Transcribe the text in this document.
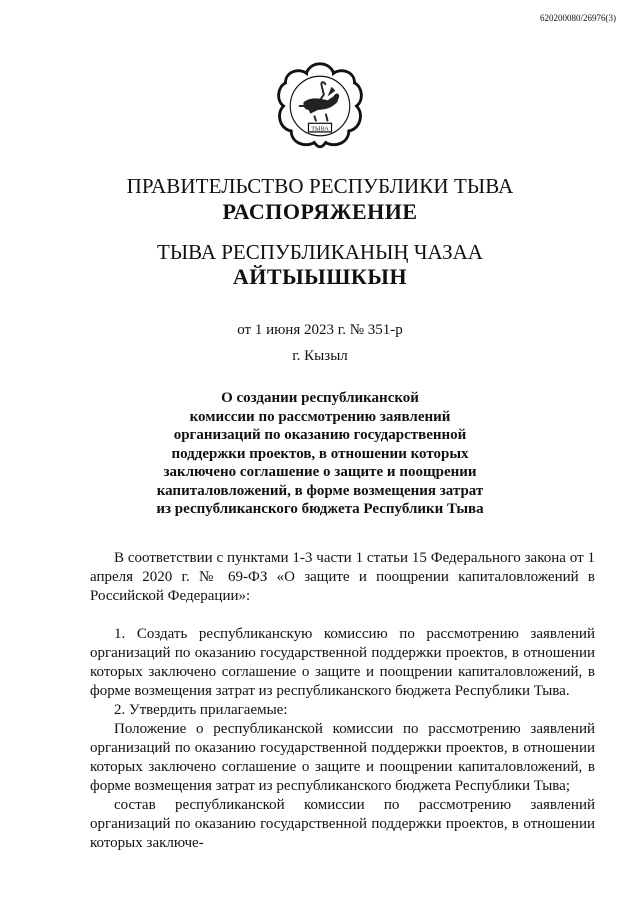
620200080/26976(3)
ТЫВА
ПРАВИТЕЛЬСТВО РЕСПУБЛИКИ ТЫВА
РАСПОРЯЖЕНИЕ
ТЫВА РЕСПУБЛИКАНЫҢ ЧАЗАА
АЙТЫЫШКЫН
от 1 июня 2023 г. № 351-р
г. Кызыл
О создании республиканской
комиссии по рассмотрению заявлений
организаций по оказанию государственной
поддержки проектов, в отношении которых
заключено соглашение о защите и поощрении
капиталовложений, в форме возмещения затрат
из республиканского бюджета Республики Тыва

В соответствии с пунктами 1-3 части 1 статьи 15 Федерального закона от 1 апреля 2020 г. № 69-ФЗ «О защите и поощрении капиталовложений в Российской Федерации»:

1. Создать республиканскую комиссию по рассмотрению заявлений организаций по оказанию государственной поддержки проектов, в отношении которых заключено соглашение о защите и поощрении капиталовложений, в форме возмещения затрат из республиканского бюджета Республики Тыва.

2. Утвердить прилагаемые:

Положение о республиканской комиссии по рассмотрению заявлений организаций по оказанию государственной поддержки проектов, в отношении которых заключено соглашение о защите и поощрении капиталовложений, в форме возмещения затрат из республиканского бюджета Республики Тыва;

состав республиканской комиссии по рассмотрению заявлений организаций по оказанию государственной поддержки проектов, в отношении которых заключе-
